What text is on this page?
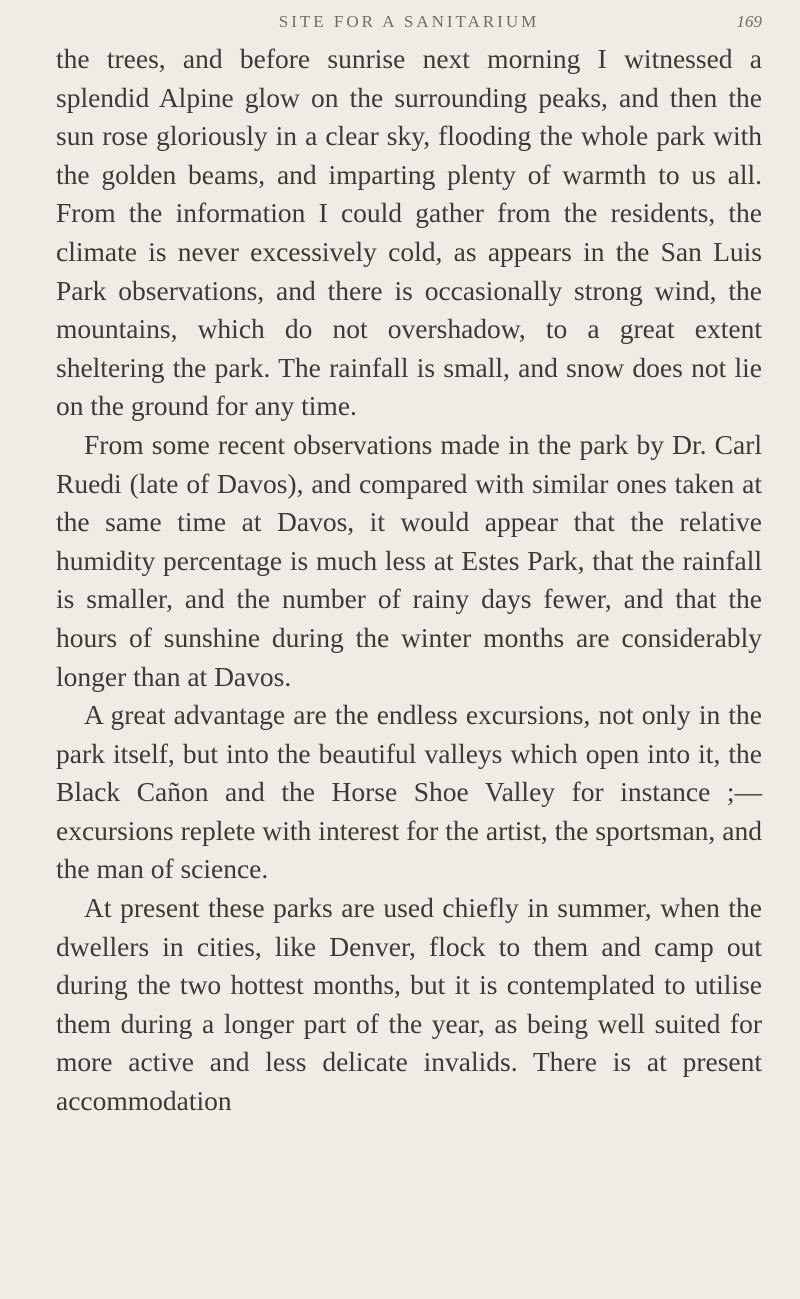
SITE FOR A SANITARIUM	169

the trees, and before sunrise next morning I witnessed a splendid Alpine glow on the surrounding peaks, and then the sun rose gloriously in a clear sky, flooding the whole park with the golden beams, and imparting plenty of warmth to us all. From the information I could gather from the residents, the climate is never excessively cold, as appears in the San Luis Park observations, and there is occasionally strong wind, the mountains, which do not overshadow, to a great extent sheltering the park. The rainfall is small, and snow does not lie on the ground for any time.

From some recent observations made in the park by Dr. Carl Ruedi (late of Davos), and compared with similar ones taken at the same time at Davos, it would appear that the relative humidity percentage is much less at Estes Park, that the rainfall is smaller, and the number of rainy days fewer, and that the hours of sunshine during the winter months are considerably longer than at Davos.

A great advantage are the endless excursions, not only in the park itself, but into the beautiful valleys which open into it, the Black Cañon and the Horse Shoe Valley for instance ;—excursions replete with interest for the artist, the sportsman, and the man of science.

At present these parks are used chiefly in summer, when the dwellers in cities, like Denver, flock to them and camp out during the two hottest months, but it is contemplated to utilise them during a longer part of the year, as being well suited for more active and less delicate invalids. There is at present accommodation
